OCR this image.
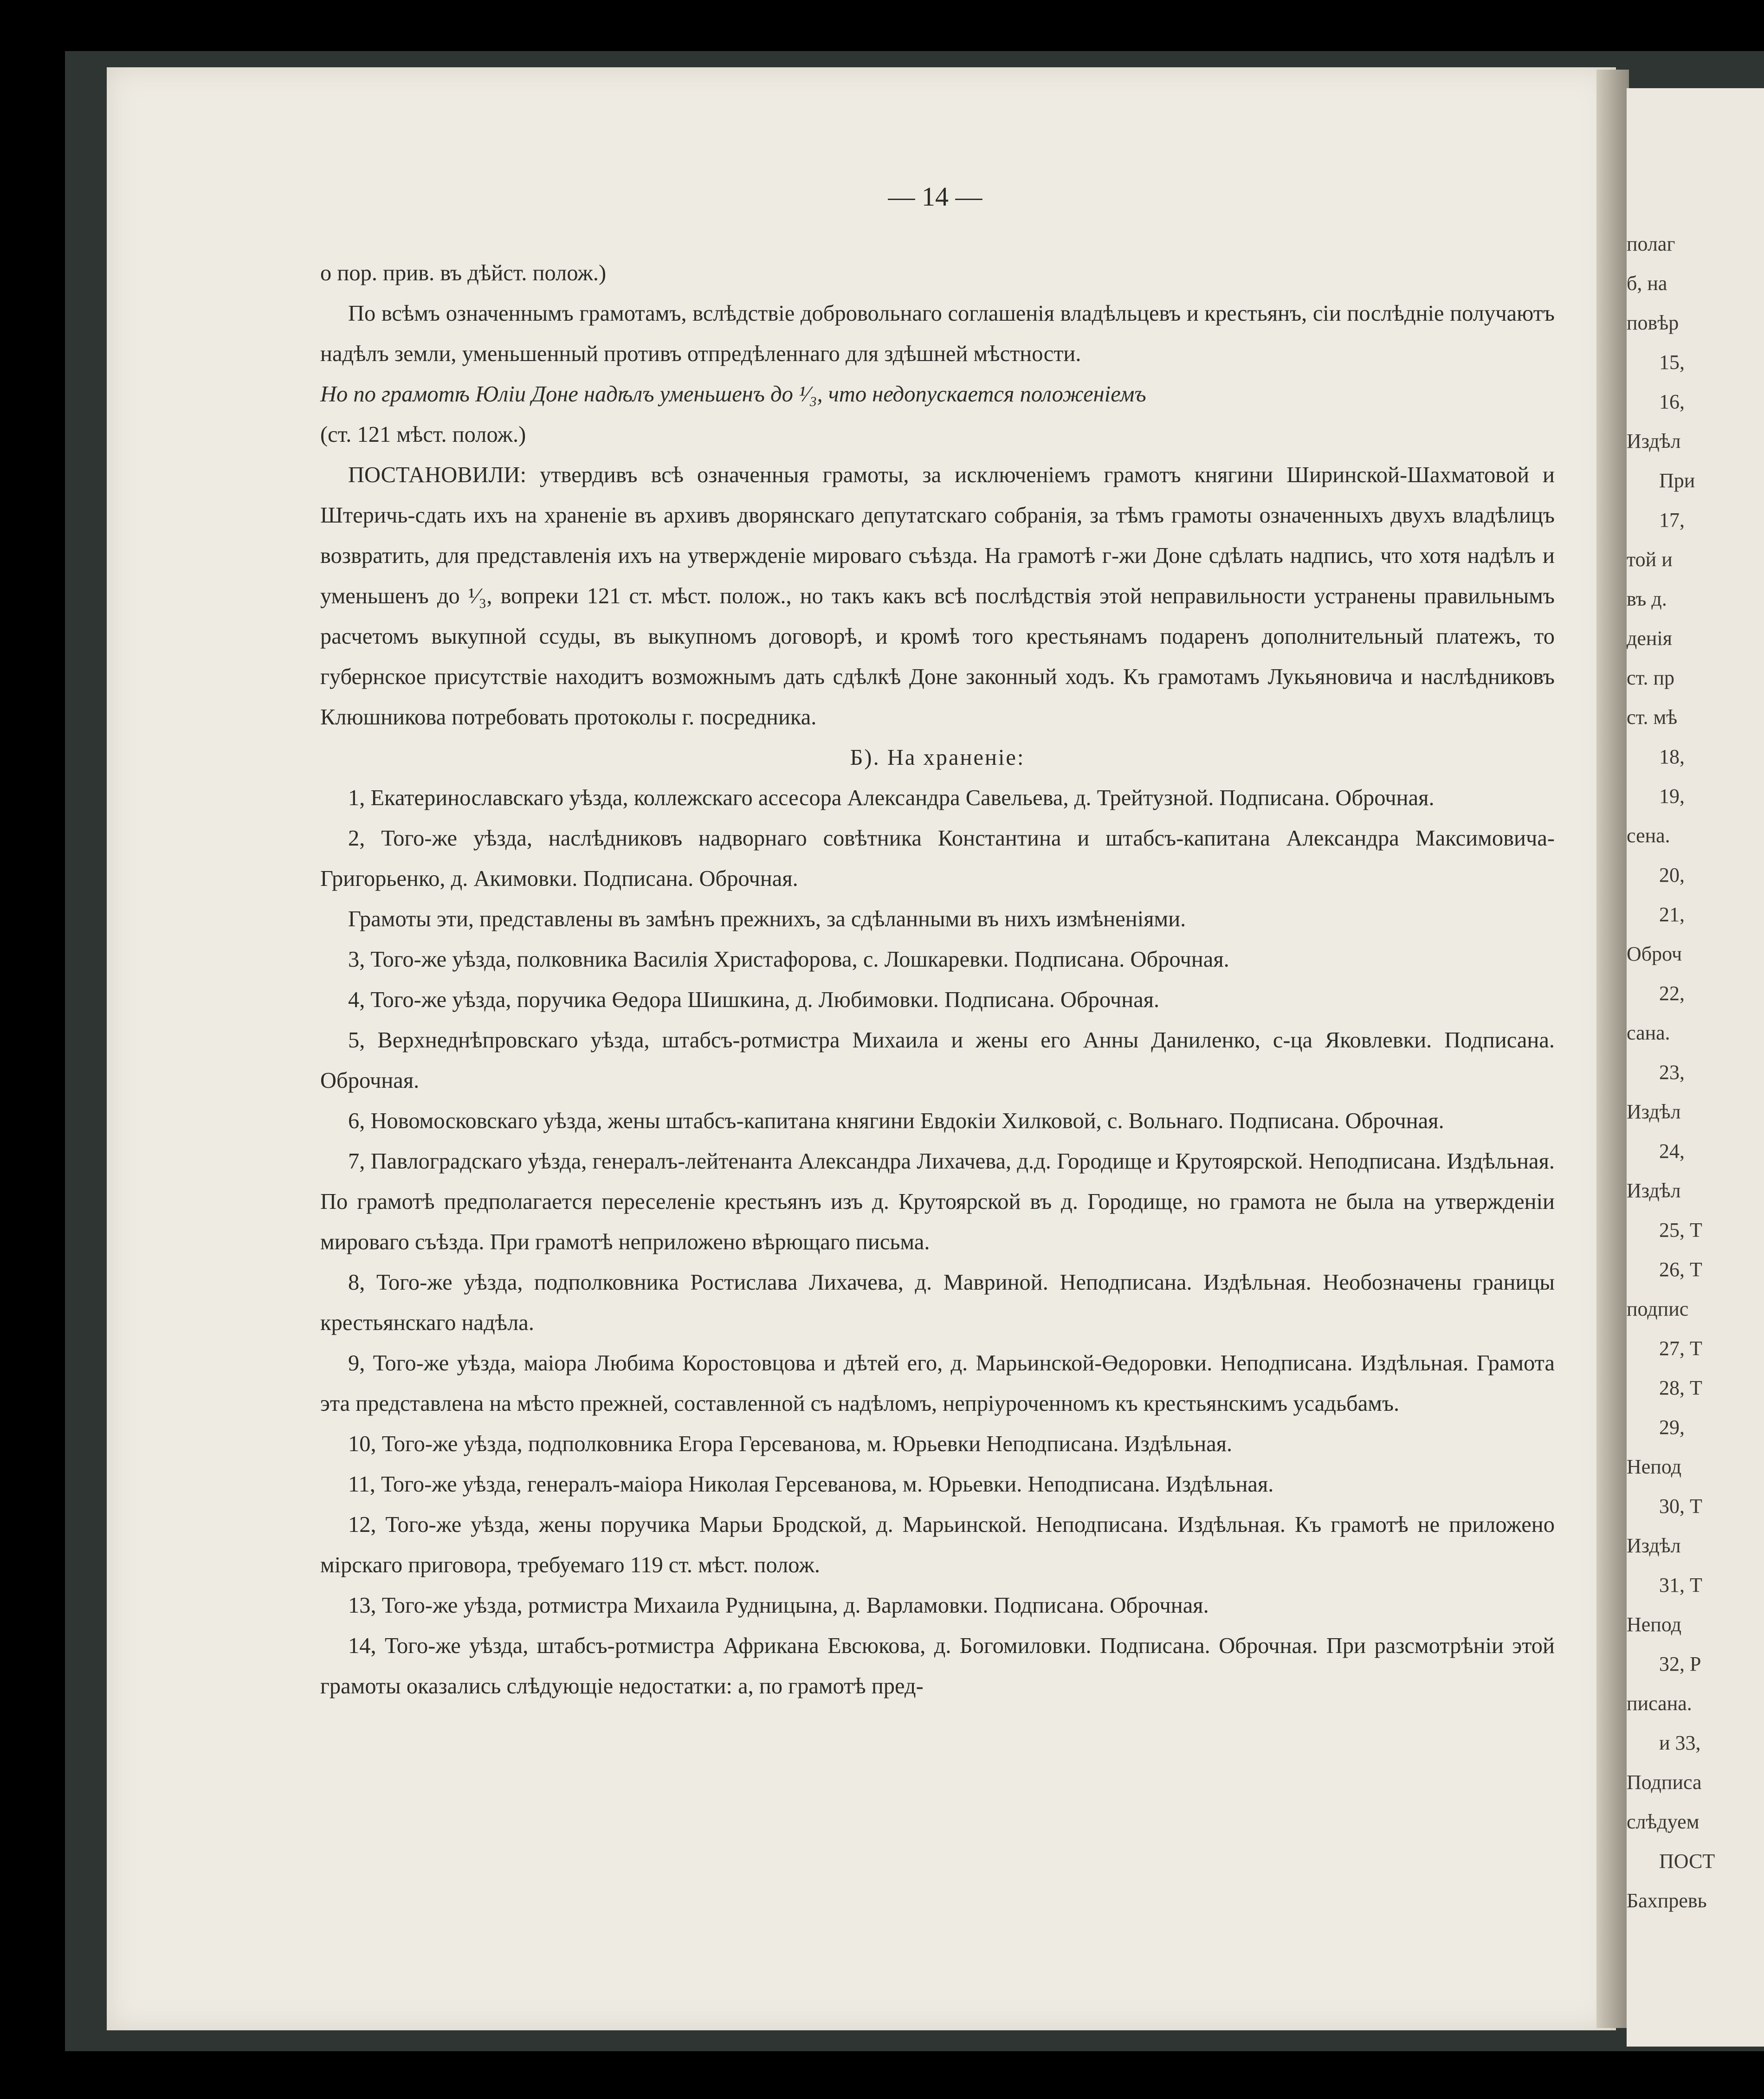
полаг
б, на
повѣр
15,
16,
Издѣл
При
17,
той и
въ д.
денія
ст. пр
ст. мѣ
18,
19,
сена.
20,
21,
Оброч
22,
сана.
23,
Издѣл
24,
Издѣл
25, Т
26, Т
подпис
27, Т
28, Т
29,
Непод
30, Т
Издѣл
31, Т
Непод
32, Р
писана.
и 33,
Подписа
слѣдуем
ПОСТ
Бахпревь
— 14 —

о пор. прив. въ дѣйст. полож.)

По всѣмъ означеннымъ грамотамъ, вслѣдствіе добровольнаго соглашенія владѣльцевъ и крестьянъ, сіи послѣдніе получаютъ надѣлъ земли, уменьшенный противъ отпредѣленнаго для здѣшней мѣстности.

Но по грамотѣ Юліи Доне надѣлъ уменьшенъ до ¹⁄₃, что недопускается положеніемъ

(ст. 121 мѣст. полож.)

ПОСТАНОВИЛИ: утвердивъ всѣ означенныя грамоты, за исключеніемъ грамотъ княгини Ширинской-Шахматовой и Штеричь-сдать ихъ на храненіе въ архивъ дворянскаго депутатскаго собранія, за тѣмъ грамоты означенныхъ двухъ владѣлицъ возвратить, для представленія ихъ на утвержденіе мироваго съѣзда. На грамотѣ г-жи Доне сдѣлать надпись, что хотя надѣлъ и уменьшенъ до ¹⁄₃, вопреки 121 ст. мѣст. полож., но такъ какъ всѣ послѣдствія этой неправильности устранены правильнымъ расчетомъ выкупной ссуды, въ выкупномъ договорѣ, и кромѣ того крестьянамъ подаренъ дополнительный платежъ, то губернское присутствіе находитъ возможнымъ дать сдѣлкѣ Доне законный ходъ. Къ грамотамъ Лукьяновича и наслѣдниковъ Клюшникова потребовать протоколы г. посредника.

Б). На храненіе:

1, Екатеринославскаго уѣзда, коллежскаго ассесора Александра Савельева, д. Трейтузной. Подписана. Оброчная.

2, Того-же уѣзда, наслѣдниковъ надворнаго совѣтника Константина и штабсъ-капитана Александра Максимовича-Григорьенко, д. Акимовки. Подписана. Оброчная.

Грамоты эти, представлены въ замѣнъ прежнихъ, за сдѣланными въ нихъ измѣненіями.

3, Того-же уѣзда, полковника Василія Христафорова, с. Лошкаревки. Подписана. Оброчная.

4, Того-же уѣзда, поручика Өедора Шишкина, д. Любимовки. Подписана. Оброчная.

5, Верхнеднѣпровскаго уѣзда, штабсъ-ротмистра Михаила и жены его Анны Даниленко, с-ца Яковлевки. Подписана. Оброчная.

6, Новомосковскаго уѣзда, жены штабсъ-капитана княгини Евдокіи Хилковой, с. Вольнаго. Подписана. Оброчная.

7, Павлоградскаго уѣзда, генералъ-лейтенанта Александра Лихачева, д.д. Городище и Крутоярской. Неподписана. Издѣльная. По грамотѣ предполагается переселеніе крестьянъ изъ д. Крутоярской въ д. Городище, но грамота не была на утвержденіи мироваго съѣзда. При грамотѣ неприложено вѣрющаго письма.

8, Того-же уѣзда, подполковника Ростислава Лихачева, д. Мавриной. Неподписана. Издѣльная. Необозначены границы крестьянскаго надѣла.

9, Того-же уѣзда, маіора Любима Коростовцова и дѣтей его, д. Марьинской-Өедоровки. Неподписана. Издѣльная. Грамота эта представлена на мѣсто прежней, составленной съ надѣломъ, непріуроченномъ къ крестьянскимъ усадьбамъ.

10, Того-же уѣзда, подполковника Егора Герсеванова, м. Юрьевки Неподписана. Издѣльная.

11, Того-же уѣзда, генералъ-маіора Николая Герсеванова, м. Юрьевки. Неподписана. Издѣльная.

12, Того-же уѣзда, жены поручика Марьи Бродской, д. Марьинской. Неподписана. Издѣльная. Къ грамотѣ не приложено мірскаго приговора, требуемаго 119 ст. мѣст. полож.

13, Того-же уѣзда, ротмистра Михаила Рудницына, д. Варламовки. Подписана. Оброчная.

14, Того-же уѣзда, штабсъ-ротмистра Африкана Евсюкова, д. Богомиловки. Подписана. Оброчная. При разсмотрѣніи этой грамоты оказались слѣдующіе недостатки: а, по грамотѣ пред-
